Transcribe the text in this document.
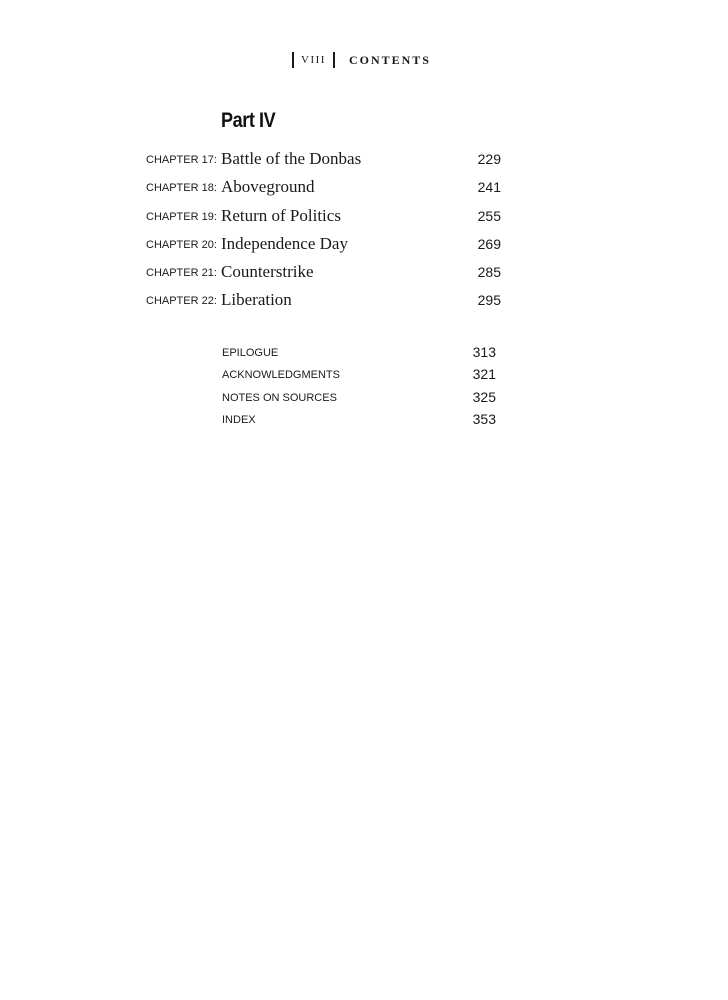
VIII CONTENTS
Part IV
CHAPTER 17: Battle of the Donbas	229
CHAPTER 18: Aboveground	241
CHAPTER 19: Return of Politics	255
CHAPTER 20: Independence Day	269
CHAPTER 21: Counterstrike	285
CHAPTER 22: Liberation	295
EPILOGUE	313
ACKNOWLEDGMENTS	321
NOTES ON SOURCES	325
INDEX	353
